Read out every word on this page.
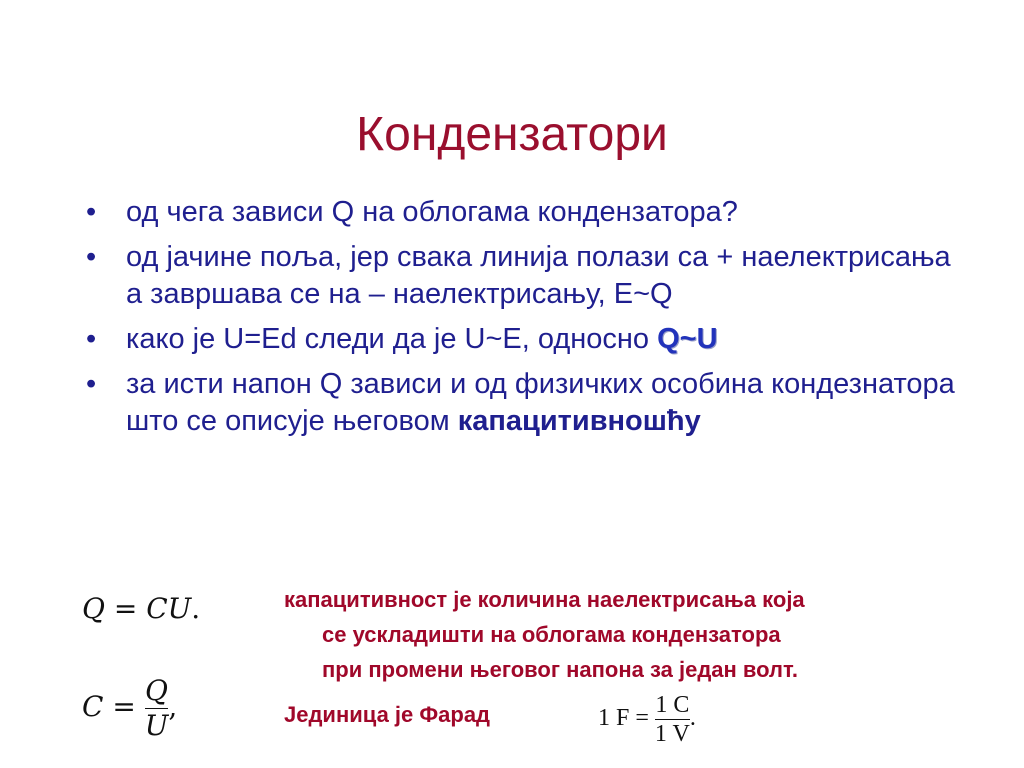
Кондензатори
• од чега зависи Q на облогама кондензатора?
• од јачине поља, јер свака линија полази са + наелектрисања а завршава се на – наелектрисању, E~Q
• како је U=Ed следи да је U~E, односно Q~U
• за исти напон Q зависи и од физичких особина кондезнатора што се описује његовом капацитивношћу
Q = CU.
$C = \frac{Q}{U}$ ,
капацитивност је количина наелектрисања која
се ускладишти на облогама кондензатора
при промени његовог напона за један волт.
Јединица је Фарад	1 $F = \frac{1 C}{1 V}$ .
